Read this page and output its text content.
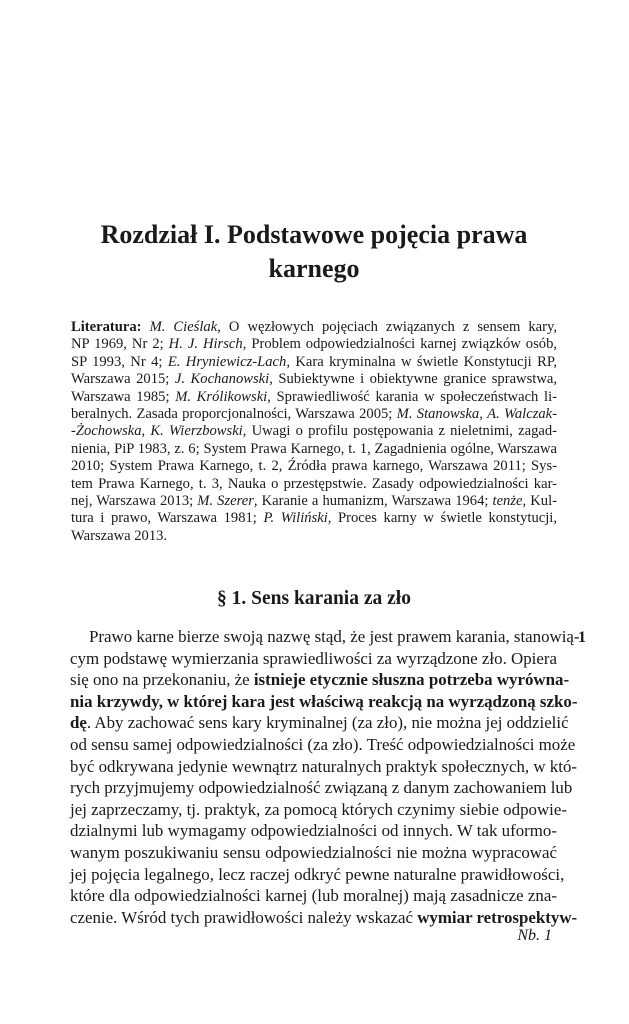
Rozdział I. Podstawowe pojęcia prawa
karnego
Literatura: M. Cieślak, O węzłowych pojęciach związanych z sensem kary,
NP 1969, Nr 2; H. J. Hirsch, Problem odpowiedzialności karnej związków osób,
SP 1993, Nr 4; E. Hryniewicz-Lach, Kara kryminalna w świetle Konstytucji RP,
Warszawa 2015; J. Kochanowski, Subiektywne i obiektywne granice sprawstwa,
Warszawa 1985; M. Królikowski, Sprawiedliwość karania w społeczeństwach li-
beralnych. Zasada proporcjonalności, Warszawa 2005; M. Stanowska, A. Walczak-
-Żochowska, K. Wierzbowski, Uwagi o profilu postępowania z nieletnimi, zagad-
nienia, PiP 1983, z. 6; System Prawa Karnego, t. 1, Zagadnienia ogólne, Warszawa
2010; System Prawa Karnego, t. 2, Źródła prawa karnego, Warszawa 2011; Sys-
tem Prawa Karnego, t. 3, Nauka o przestępstwie. Zasady odpowiedzialności kar-
nej, Warszawa 2013; M. Szerer, Karanie a humanizm, Warszawa 1964; tenże, Kul-
tura i prawo, Warszawa 1981; P. Wiliński, Proces karny w świetle konstytucji,
Warszawa 2013.
§ 1. Sens karania za zło
1
Prawo karne bierze swoją nazwę stąd, że jest prawem karania, stanowią-
cym podstawę wymierzania sprawiedliwości za wyrządzone zło. Opiera
się ono na przekonaniu, że istnieje etycznie słuszna potrzeba wyrówna-
nia krzywdy, w której kara jest właściwą reakcją na wyrządzoną szko-
dę. Aby zachować sens kary kryminalnej (za zło), nie można jej oddzielić
od sensu samej odpowiedzialności (za zło). Treść odpowiedzialności może
być odkrywana jedynie wewnątrz naturalnych praktyk społecznych, w któ-
rych przyjmujemy odpowiedzialność związaną z danym zachowaniem lub
jej zaprzeczamy, tj. praktyk, za pomocą których czynimy siebie odpowie-
dzialnymi lub wymagamy odpowiedzialności od innych. W tak uformo-
wanym poszukiwaniu sensu odpowiedzialności nie można wypracować
jej pojęcia legalnego, lecz raczej odkryć pewne naturalne prawidłowości,
które dla odpowiedzialności karnej (lub moralnej) mają zasadnicze zna-
czenie. Wśród tych prawidłowości należy wskazać wymiar retrospektyw-
Nb. 1
